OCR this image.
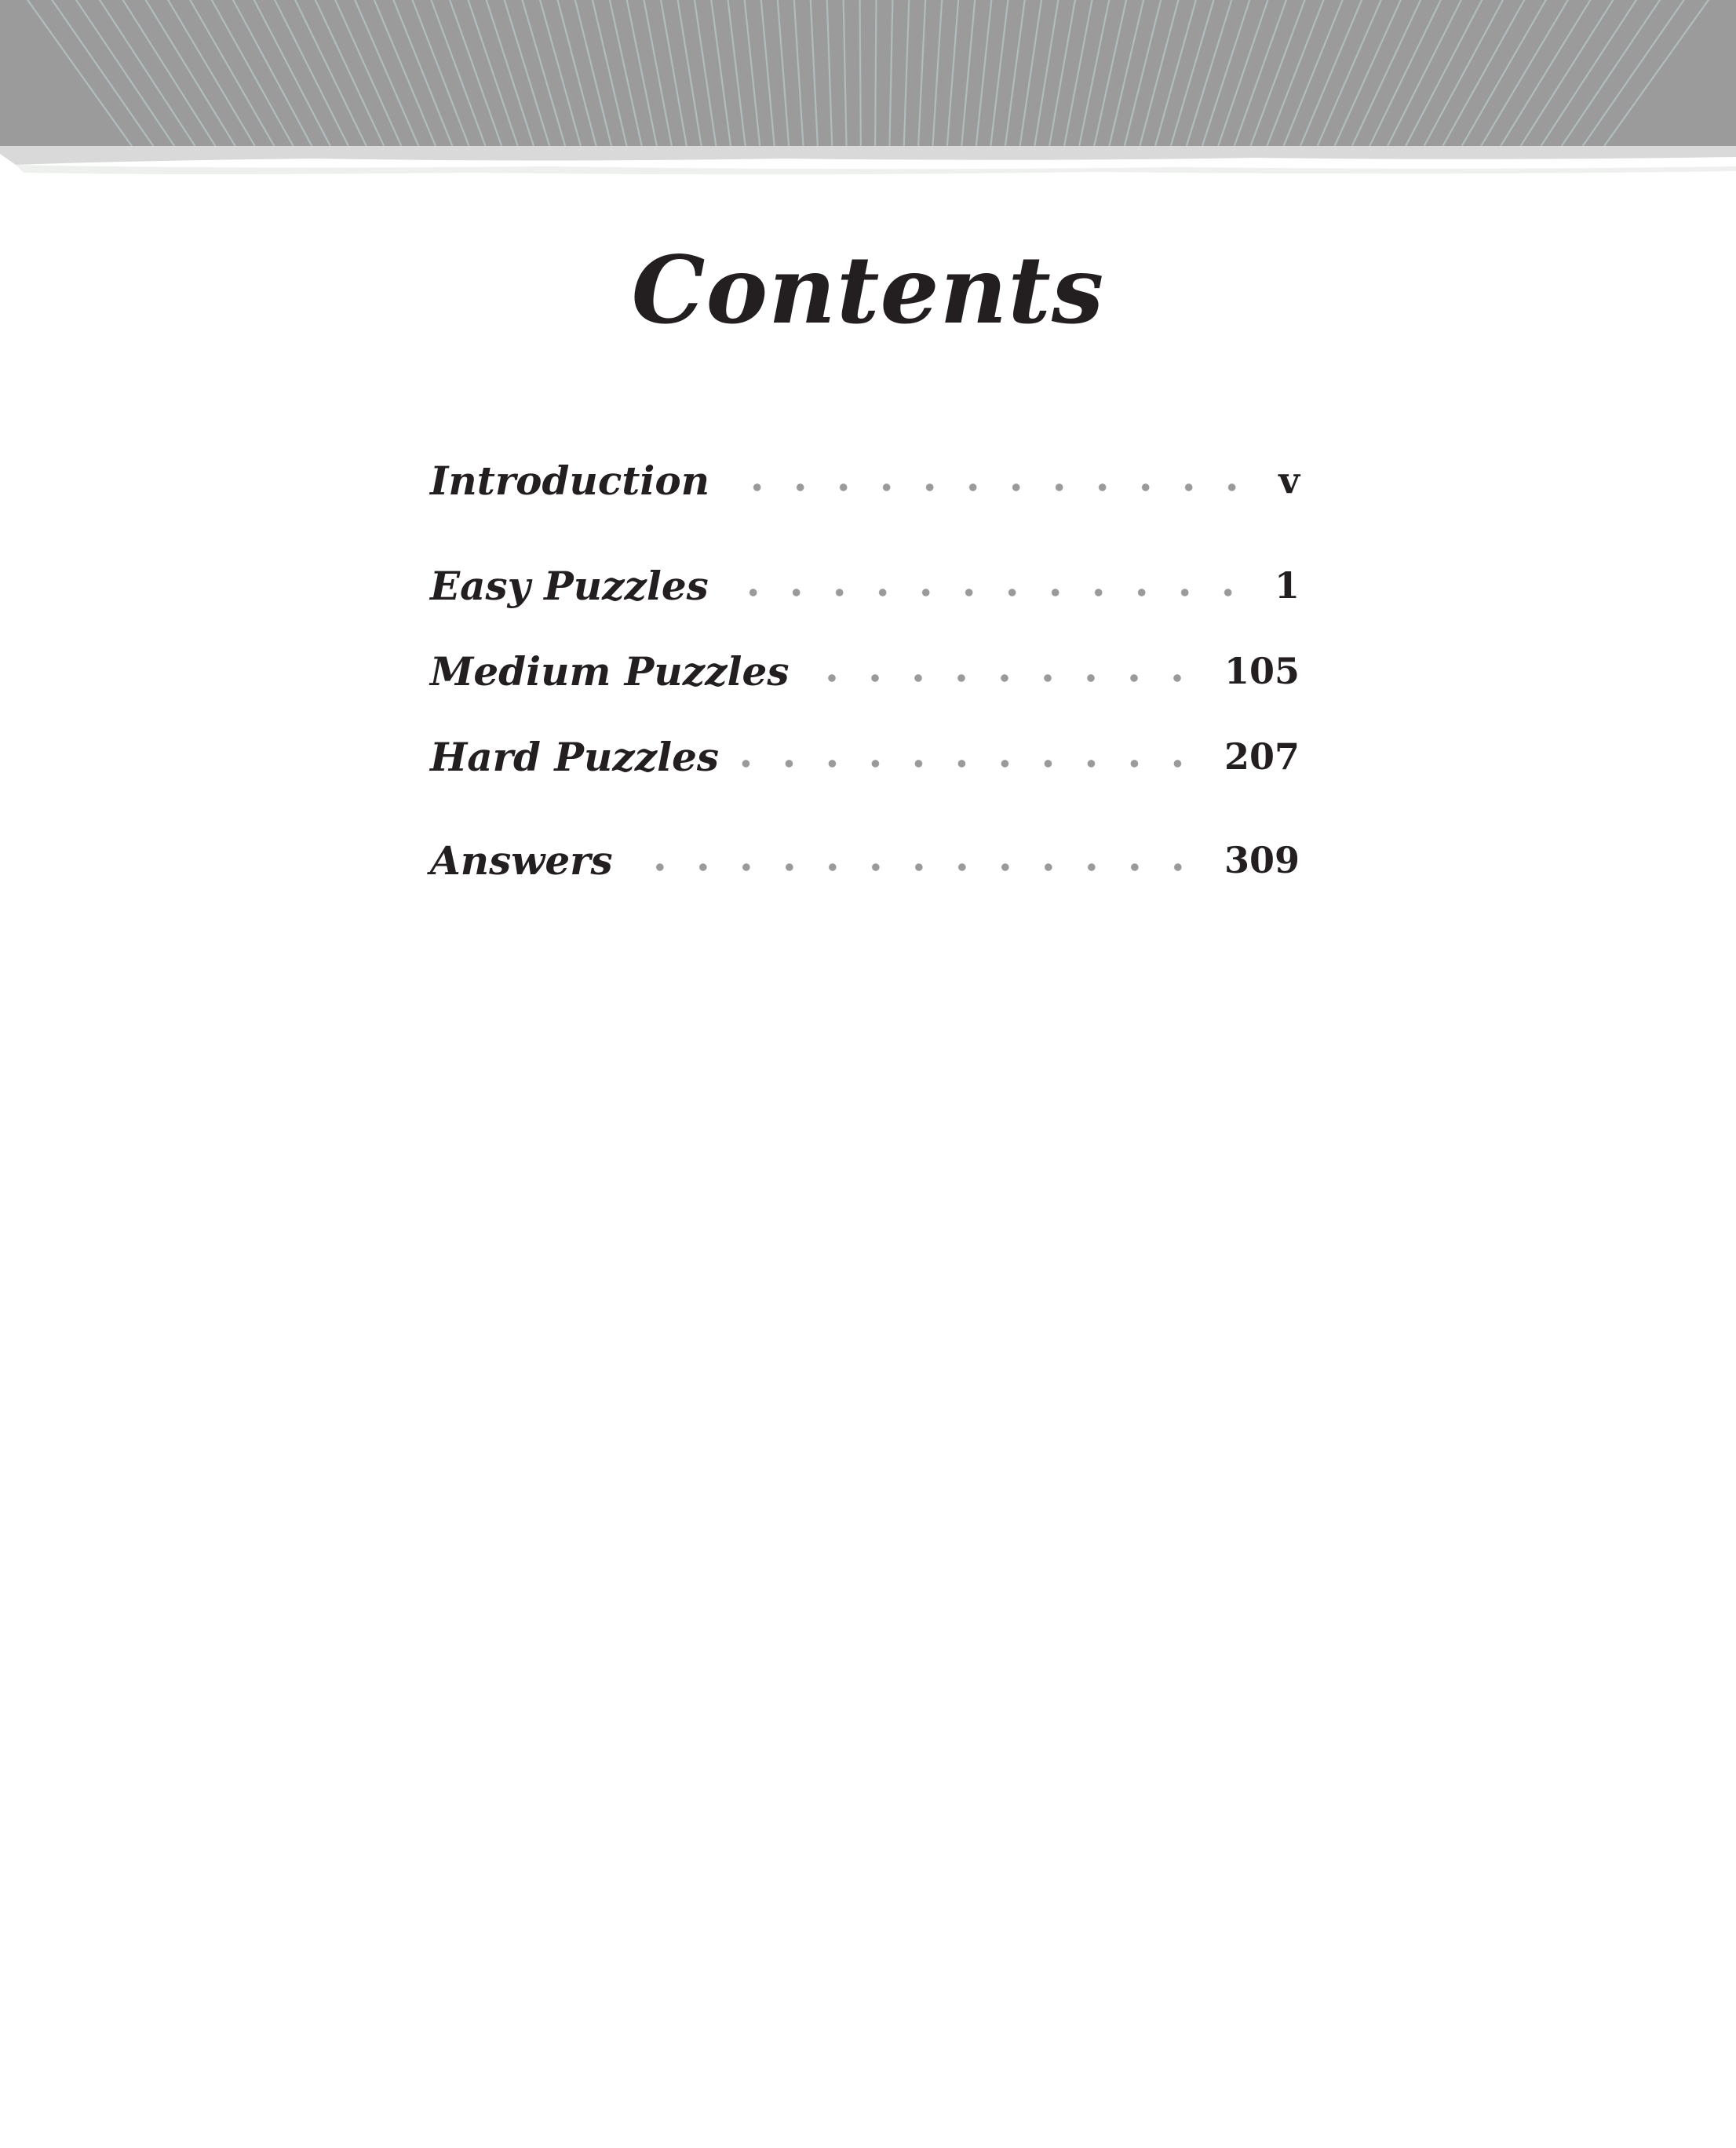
Contents
Introduction	v
Easy Puzzles	1
Medium Puzzles	105
Hard Puzzles	207
Answers	309
